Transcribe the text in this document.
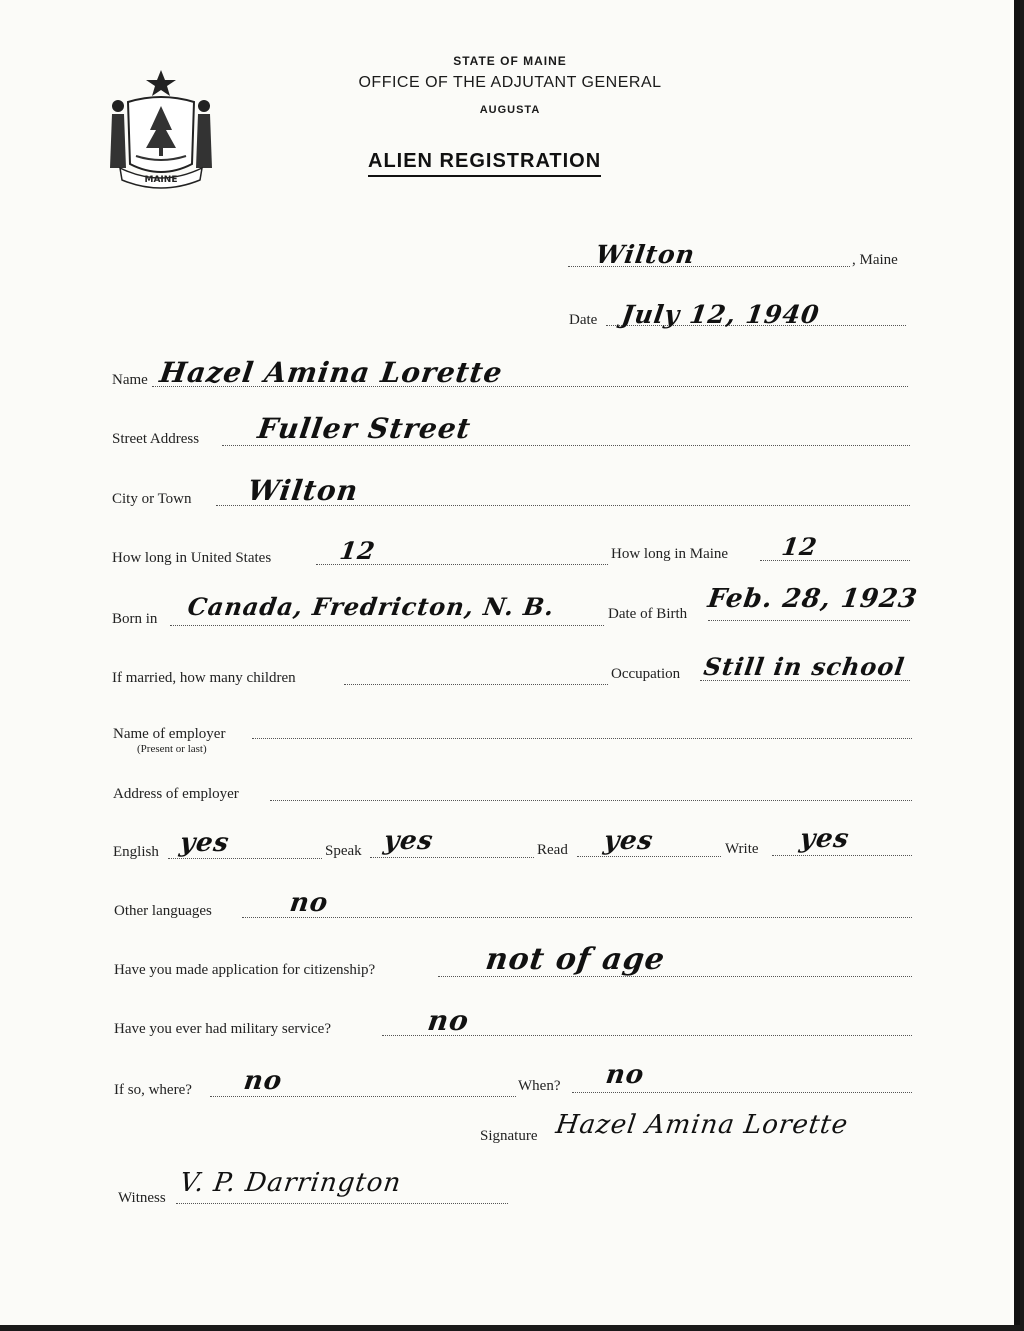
MAINE
STATE OF MAINE
OFFICE OF THE ADJUTANT GENERAL
AUGUSTA
ALIEN REGISTRATION
Wilton	, Maine
Date July 12, 1940
Name Hazel Amina Lorette
Street Address Fuller Street
City or Town Wilton
How long in United States	12	How long in Maine 12
Born in Canada, Fredricton, N. B.	Date of Birth Feb. 28, 1923
If married, how many children	Occupation Still in school
Name of employer
(Present or last)
Address of employer
English yes	Speak yes	Read yes	Write yes
Other languages	no
Have you made application for citizenship?	not of age
Have you ever had military service?	no
If so, where? no	When? no
Signature Hazel Amina Lorette
Witness V. P. Darrington
